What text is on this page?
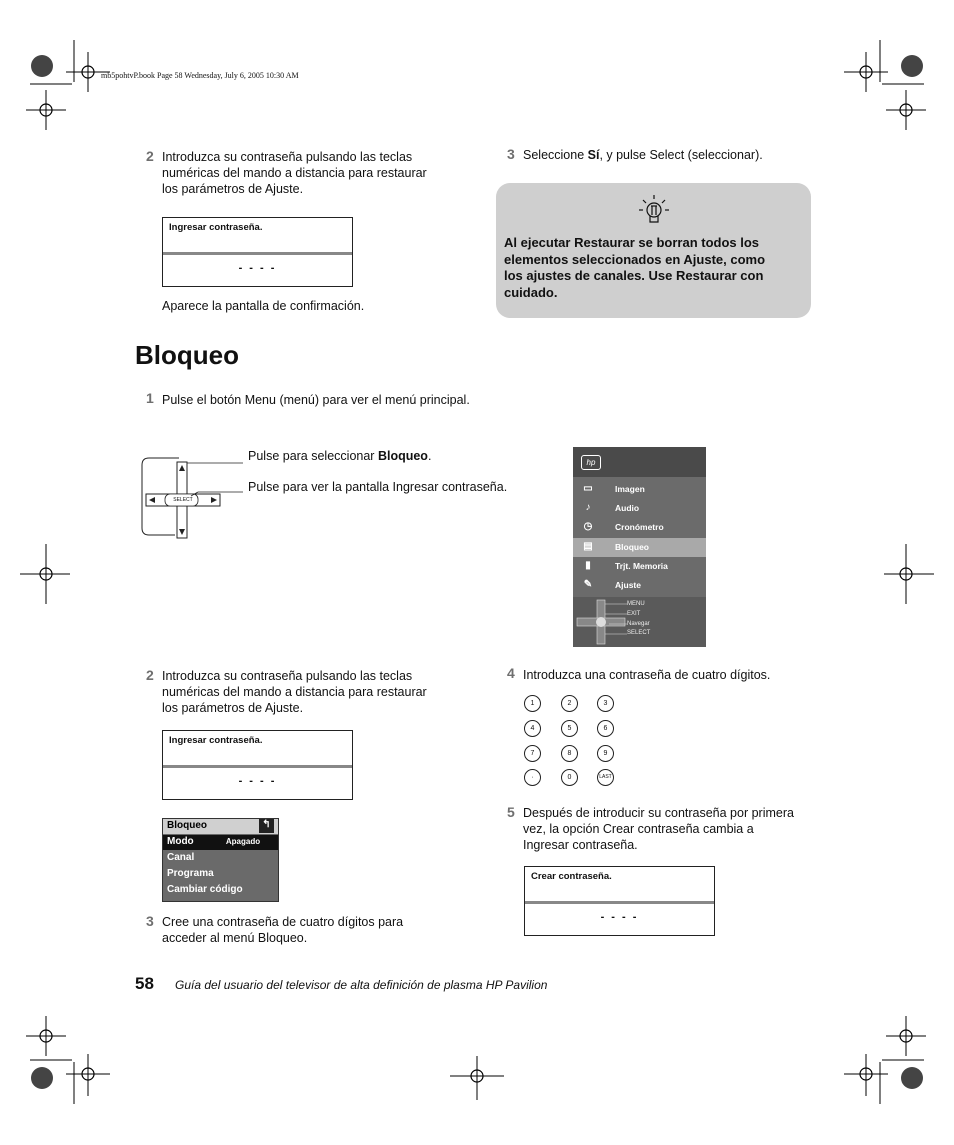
mb5pohtvP.book Page 58 Wednesday, July 6, 2005 10:30 AM
2 Introduzca su contraseña pulsando las teclas
numéricas del mando a distancia para restaurar
los parámetros de Ajuste.
Ingresar contraseña.
- - - -
Aparece la pantalla de confirmación.
3 Seleccione Sí, y pulse Select (seleccionar).
Al ejecutar Restaurar se borran todos los
elementos seleccionados en Ajuste, como
los ajustes de canales. Use Restaurar con
cuidado.
Bloqueo
1 Pulse el botón Menu (menú) para ver el menú principal.
SELECT
Pulse para seleccionar Bloqueo.
Pulse para ver la pantalla Ingresar contraseña.
hp
▭	Imagen
♪	Audio
◷	Cronómetro
▤	Bloqueo
▮	Trjt. Memoria
✎	Ajuste
MENU
EXIT
Navegar
SELECT
2 Introduzca su contraseña pulsando las teclas
numéricas del mando a distancia para restaurar
los parámetros de Ajuste.
Ingresar contraseña.
- - - -
Bloqueo	↰
Modo	Apagado
Canal
Programa
Cambiar código
3 Cree una contraseña de cuatro dígitos para
acceder al menú Bloqueo.
4 Introduzca una contraseña de cuatro dígitos.
1	2	3
4	5	6
7	8	9
·	0	LAST
5 Después de introducir su contraseña por primera
vez, la opción Crear contraseña cambia a
Ingresar contraseña.
Crear contraseña.
- - - -
58 Guía del usuario del televisor de alta definición de plasma HP Pavilion
